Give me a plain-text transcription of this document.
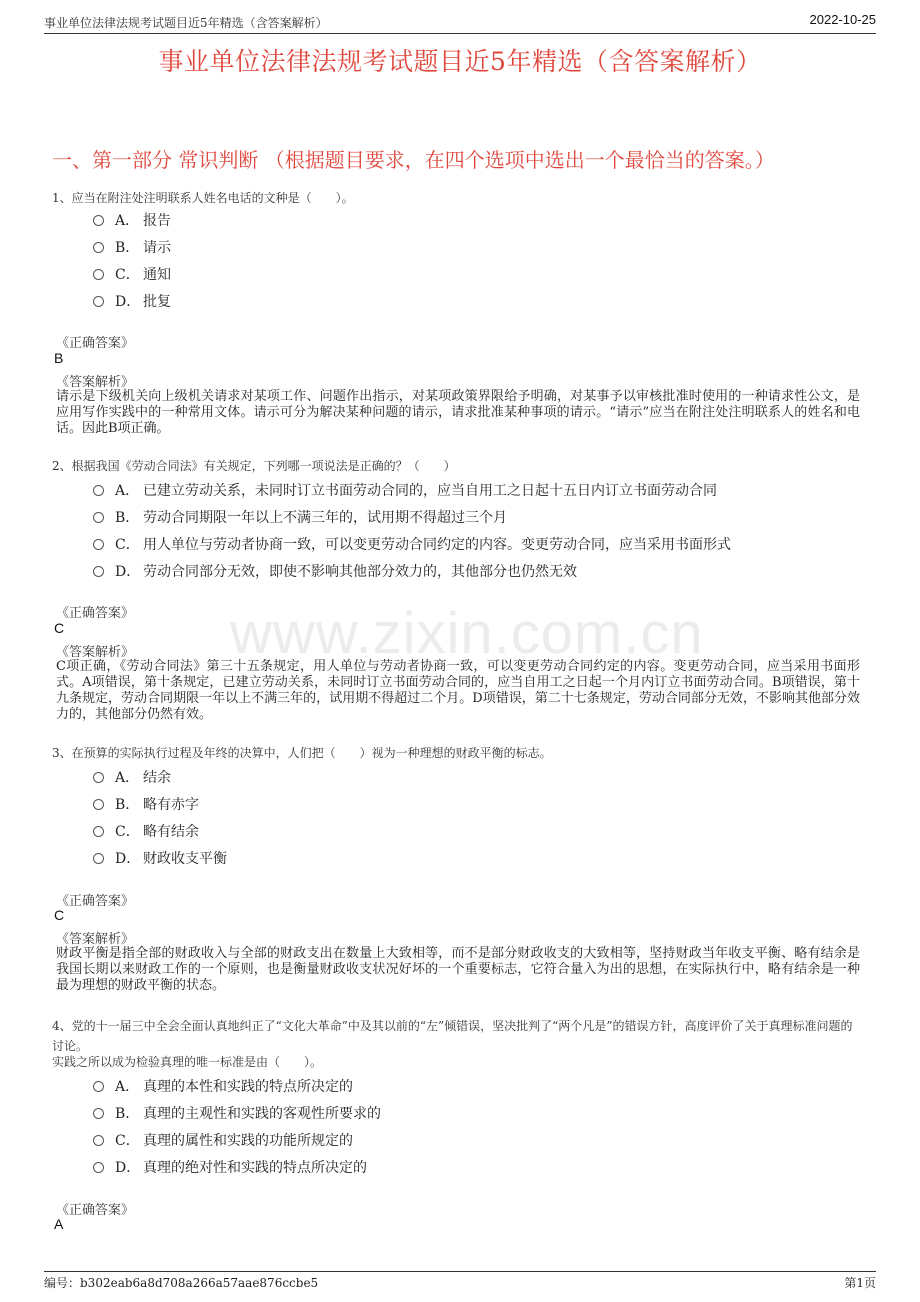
事业单位法律法规考试题目近5年精选（含答案解析）	2022-10-25
事业单位法律法规考试题目近5年精选（含答案解析）
一、第一部分 常识判断 （根据题目要求，在四个选项中选出一个最恰当的答案。）
www.zixin.com.cn
1、应当在附注处注明联系人姓名电话的文种是（　　）。
A． 报告
B． 请示
C． 通知
D． 批复
《正确答案》
B
《答案解析》
请示是下级机关向上级机关请求对某项工作、问题作出指示，对某项政策界限给予明确，对某事予以审核批准时使用的一种请求性公文，是应用写作实践中的一种常用文体。请示可分为解决某种问题的请示，请求批准某种事项的请示。“请示”应当在附注处注明联系人的姓名和电话。因此B项正确。
2、根据我国《劳动合同法》有关规定，下列哪一项说法是正确的？（　　）
A． 已建立劳动关系，未同时订立书面劳动合同的，应当自用工之日起十五日内订立书面劳动合同
B． 劳动合同期限一年以上不满三年的，试用期不得超过三个月
C． 用人单位与劳动者协商一致，可以变更劳动合同约定的内容。变更劳动合同，应当采用书面形式
D． 劳动合同部分无效，即使不影响其他部分效力的，其他部分也仍然无效
《正确答案》
C
《答案解析》
C项正确，《劳动合同法》第三十五条规定，用人单位与劳动者协商一致，可以变更劳动合同约定的内容。变更劳动合同，应当采用书面形式。A项错误，第十条规定，已建立劳动关系，未同时订立书面劳动合同的，应当自用工之日起一个月内订立书面劳动合同。B项错误，第十九条规定，劳动合同期限一年以上不满三年的，试用期不得超过二个月。D项错误，第二十七条规定，劳动合同部分无效，不影响其他部分效力的，其他部分仍然有效。
3、在预算的实际执行过程及年终的决算中，人们把（　　）视为一种理想的财政平衡的标志。
A． 结余
B． 略有赤字
C． 略有结余
D． 财政收支平衡
《正确答案》
C
《答案解析》
财政平衡是指全部的财政收入与全部的财政支出在数量上大致相等，而不是部分财政收支的大致相等，坚持财政当年收支平衡、略有结余是我国长期以来财政工作的一个原则，也是衡量财政收支状况好坏的一个重要标志，它符合量入为出的思想，在实际执行中，略有结余是一种最为理想的财政平衡的状态。
4、党的十一届三中全会全面认真地纠正了“文化大革命”中及其以前的“左”倾错误，坚决批判了“两个凡是”的错误方针，高度评价了关于真理标准问题的讨论。
实践之所以成为检验真理的唯一标准是由（　　）。
A． 真理的本性和实践的特点所决定的
B． 真理的主观性和实践的客观性所要求的
C． 真理的属性和实践的功能所规定的
D． 真理的绝对性和实践的特点所决定的
《正确答案》
A
编号：b302eab6a8d708a266a57aae876ccbe5	第1页
